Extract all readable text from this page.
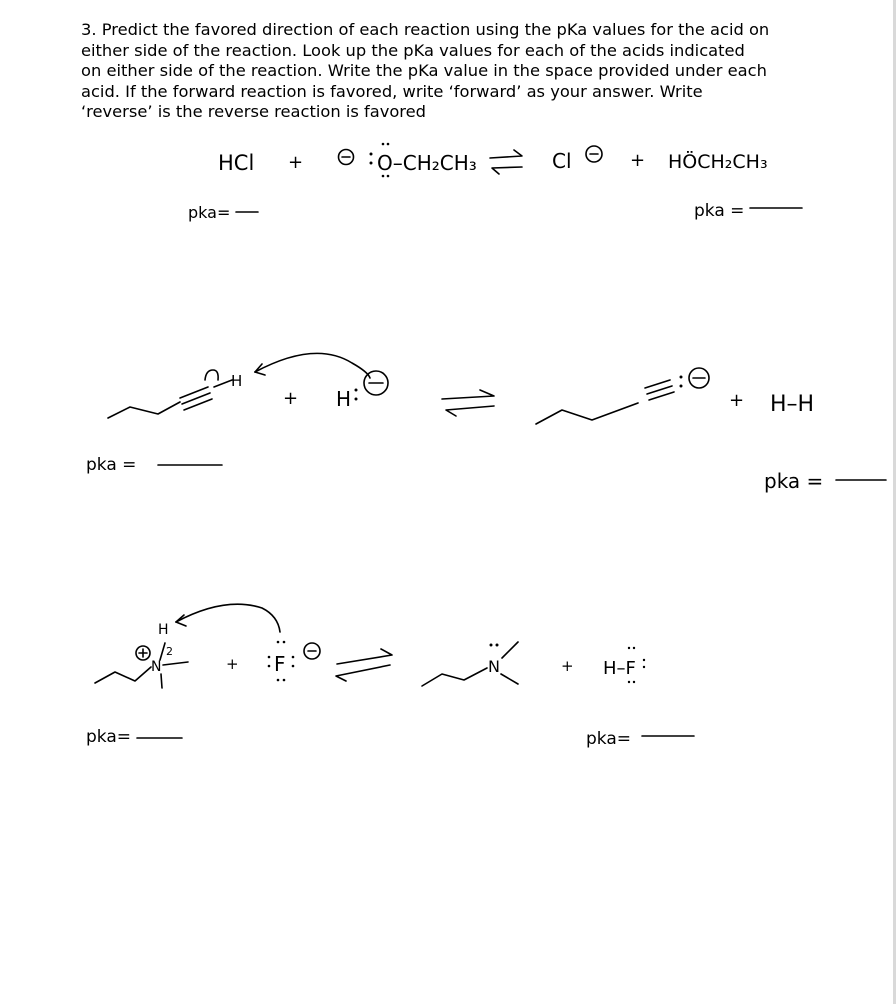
3. Predict the favored direction of each reaction using the pKa values for the acid on
either side of the reaction. Look up the pKa values for each of the acids indicated
on either side of the reaction. Write the pKa value in the space provided under each
acid. If the forward reaction is favored, write ‘forward’ as your answer. Write
‘reverse’ is the reverse reaction is favored

HCl +	O–CH₂CH₃	Cl	+ HÖCH₂CH₃
pka=	pka =
H
+ H	+ H–H
pka =
pka =
N
H
2
+ F	N	+ H–F
pka=	pka=
